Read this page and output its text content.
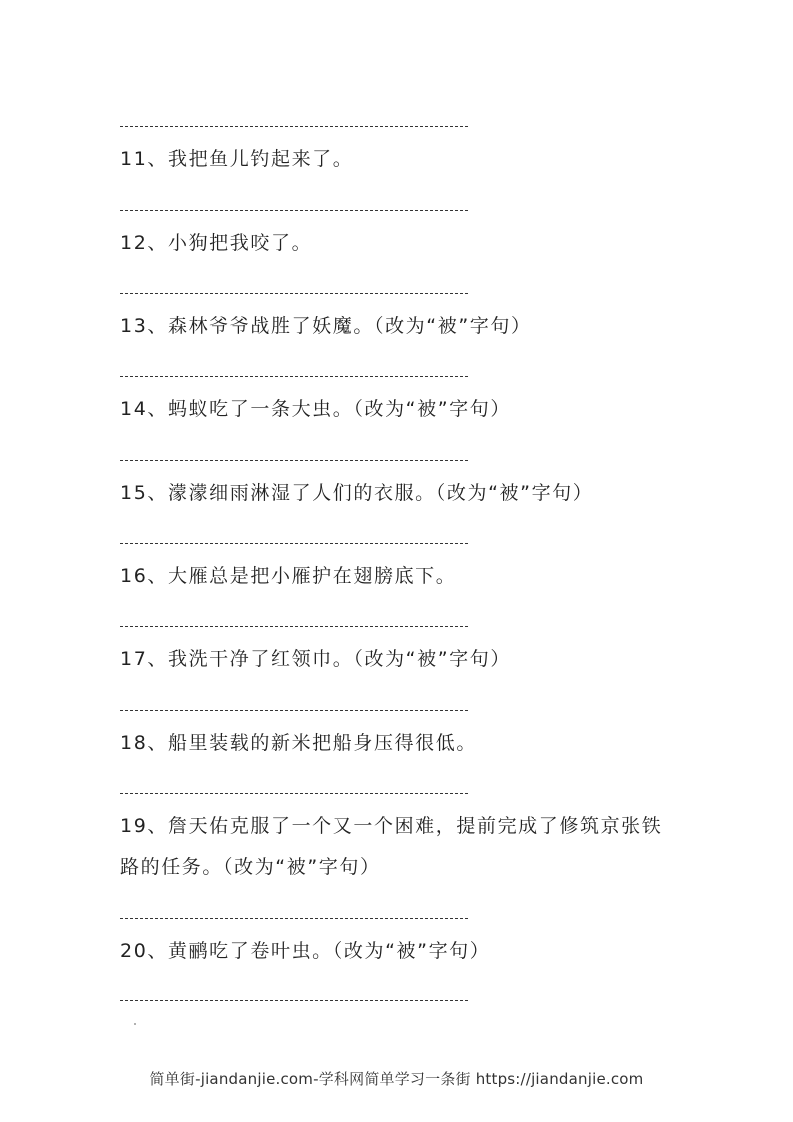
11、我把鱼儿钓起来了。
12、小狗把我咬了。
13、森林爷爷战胜了妖魔。（改为“被”字句）
14、蚂蚁吃了一条大虫。（改为“被”字句）
15、濛濛细雨淋湿了人们的衣服。（改为“被”字句）
16、大雁总是把小雁护在翅膀底下。
17、我洗干净了红领巾。（改为“被”字句）
18、船里装载的新米把船身压得很低。
19、詹天佑克服了一个又一个困难，提前完成了修筑京张铁路的任务。（改为“被”字句）
20、黄鹂吃了卷叶虫。（改为“被”字句）
简单街-jiandanjie.com-学科网简单学习一条街 https://jiandanjie.com
